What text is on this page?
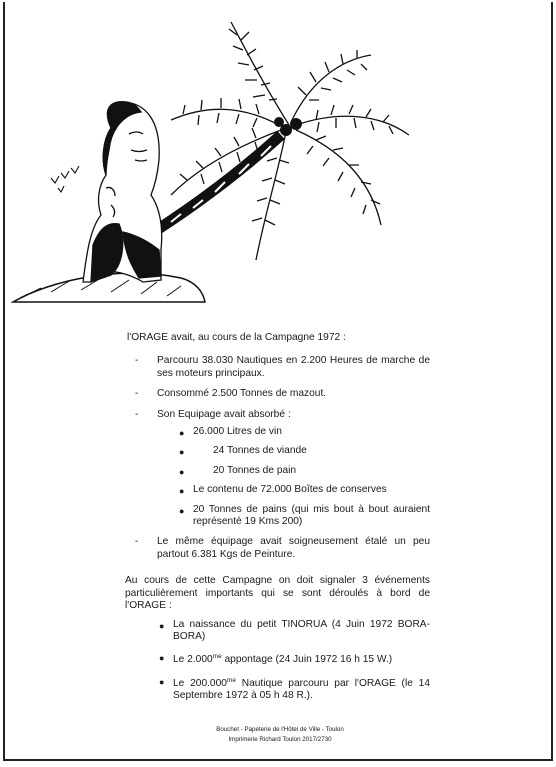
l'ORAGE avait, au cours de la Campagne 1972 :
- Parcouru 38.030 Nautiques en 2.200 Heures de marche de ses moteurs principaux.
- Consommé 2.500 Tonnes de mazout.
- Son Equipage avait absorbé :
● 26.000 Litres de vin
●	24 Tonnes de viande
●	20 Tonnes de pain
● Le contenu de 72.000 Boîtes de conserves
● 20 Tonnes de pains (qui mis bout à bout auraient représenté 19 Kms 200)
- Le même équipage avait soigneusement étalé un peu partout 6.381 Kgs de Peinture.
Au cours de cette Campagne on doit signaler 3 événements particulièrement importants qui se sont déroulés à bord de l'ORAGE :
● La naissance du petit TINORUA (4 Juin 1972 BORA-BORA)
● Le $2.000^{me}$ appontage (24 Juin 1972 16 h 15 W.)
● Le $200.000^{me}$ Nautique parcouru par l'ORAGE (le 14 Septembre 1972 à 05 h 48 R.).
Bouchet - Papeterie de l'Hôtel de Ville - Toulon
Imprimerie Richard Toulon 2017/2730
